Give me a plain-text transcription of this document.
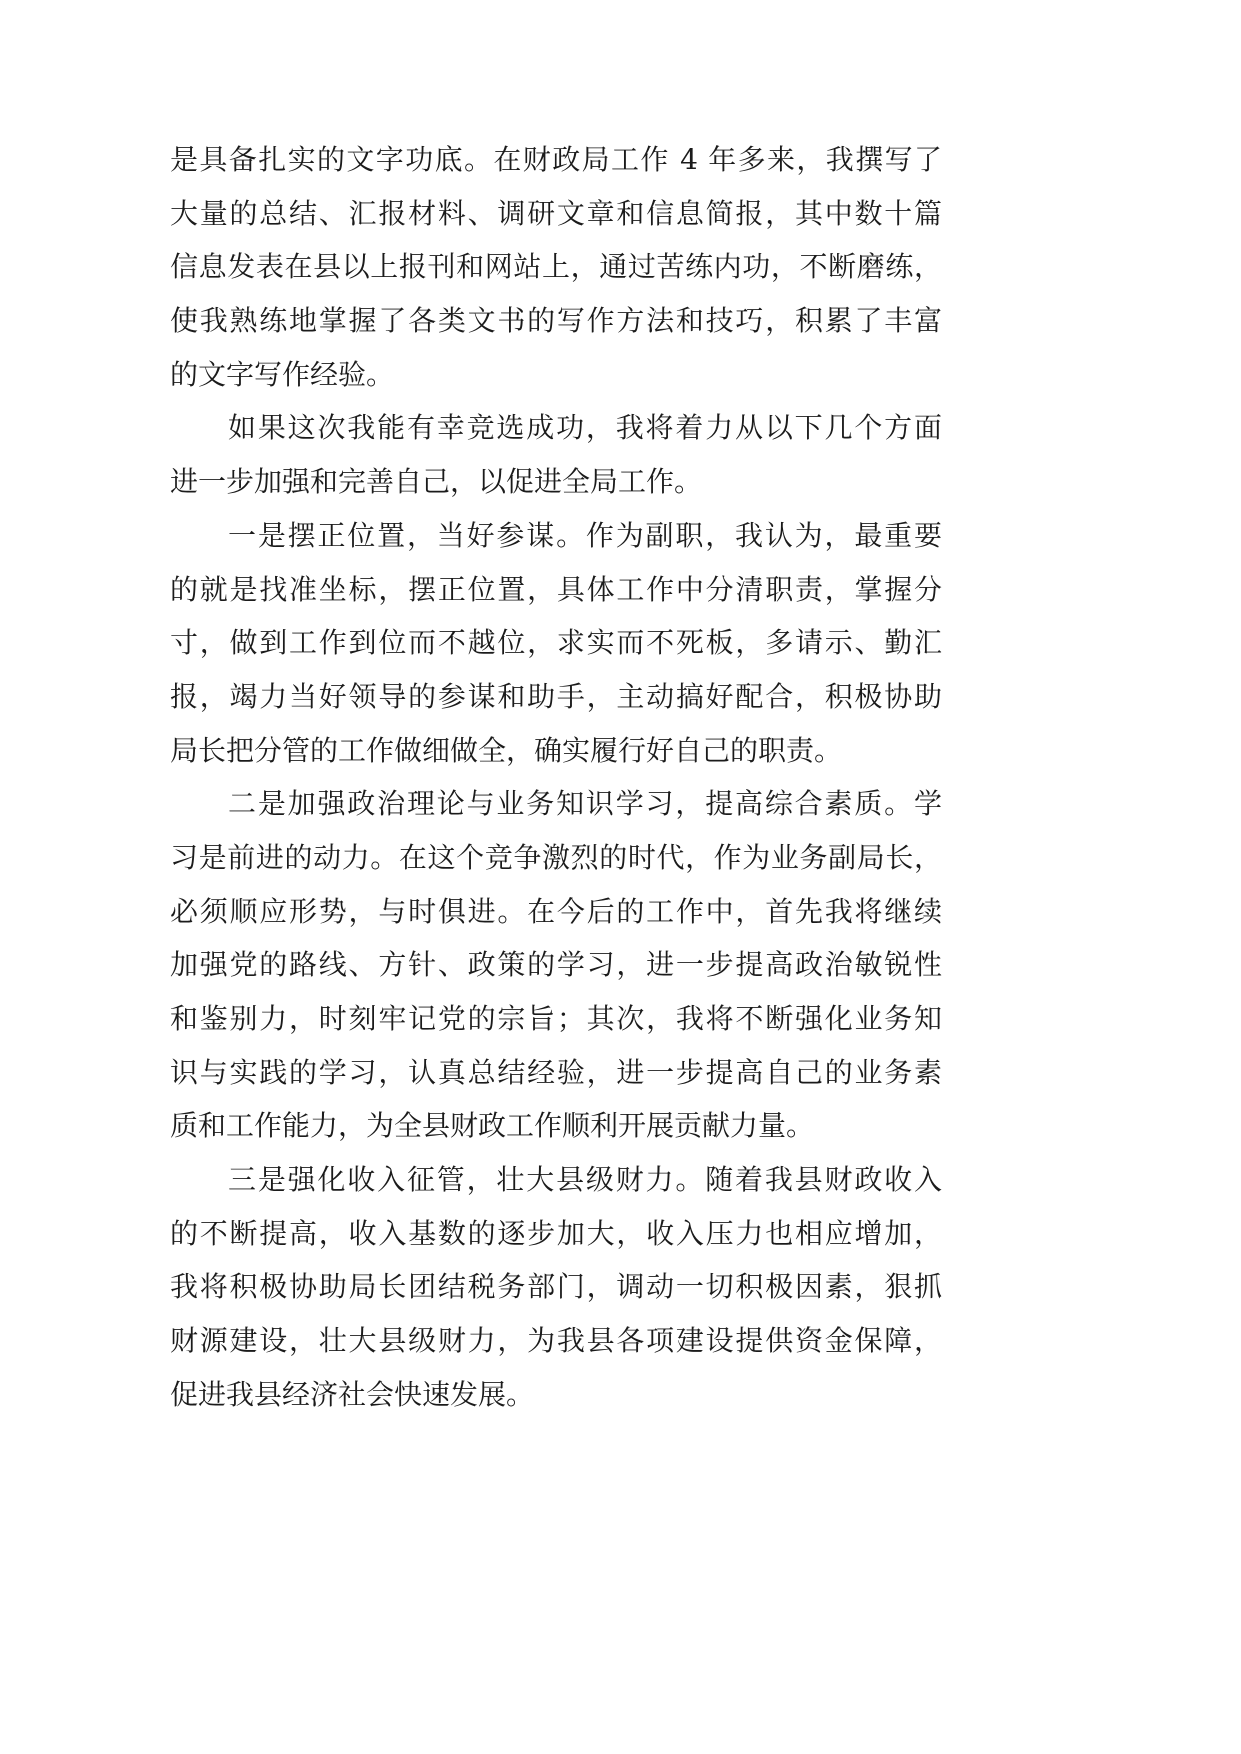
是具备扎实的文字功底。在财政局工作 4 年多来，我撰写了
大量的总结、汇报材料、调研文章和信息简报，其中数十篇
信息发表在县以上报刊和网站上，通过苦练内功，不断磨练，
使我熟练地掌握了各类文书的写作方法和技巧，积累了丰富
的文字写作经验。
如果这次我能有幸竞选成功，我将着力从以下几个方面
进一步加强和完善自己，以促进全局工作。
一是摆正位置，当好参谋。作为副职，我认为，最重要
的就是找准坐标，摆正位置，具体工作中分清职责，掌握分
寸，做到工作到位而不越位，求实而不死板，多请示、勤汇
报，竭力当好领导的参谋和助手，主动搞好配合，积极协助
局长把分管的工作做细做全，确实履行好自己的职责。
二是加强政治理论与业务知识学习，提高综合素质。学
习是前进的动力。在这个竞争激烈的时代，作为业务副局长，
必须顺应形势，与时俱进。在今后的工作中，首先我将继续
加强党的路线、方针、政策的学习，进一步提高政治敏锐性
和鉴别力，时刻牢记党的宗旨；其次，我将不断强化业务知
识与实践的学习，认真总结经验，进一步提高自己的业务素
质和工作能力，为全县财政工作顺利开展贡献力量。
三是强化收入征管，壮大县级财力。随着我县财政收入
的不断提高，收入基数的逐步加大，收入压力也相应增加，
我将积极协助局长团结税务部门，调动一切积极因素，狠抓
财源建设，壮大县级财力，为我县各项建设提供资金保障，
促进我县经济社会快速发展。
